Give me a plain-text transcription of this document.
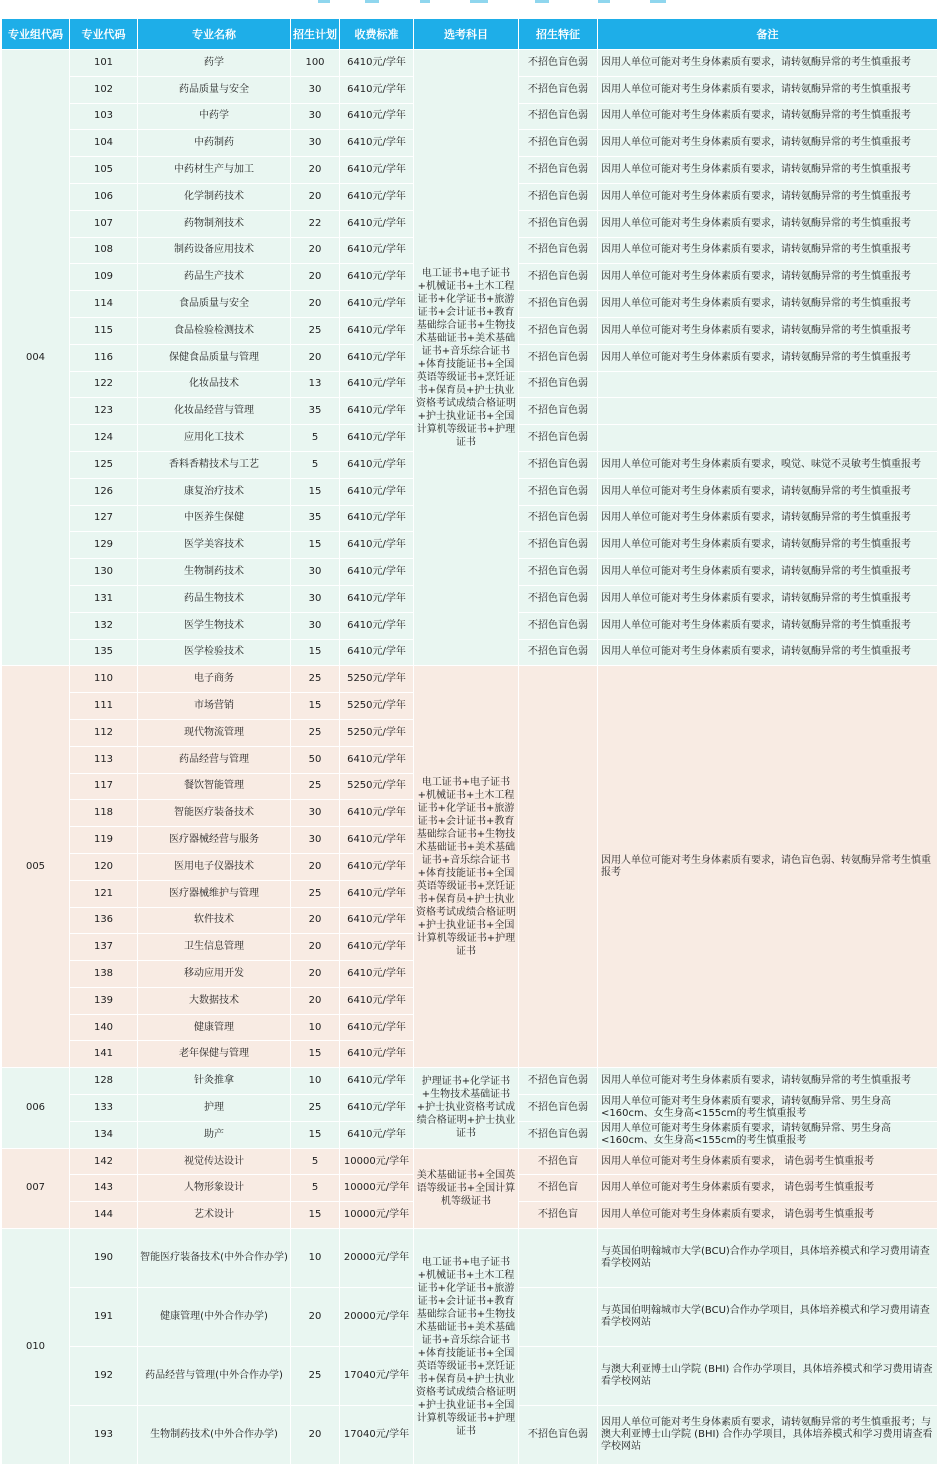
专业组代码	专业代码	专业名称	招生计划	收费标准	选考科目	招生特征	备注
004	101	药学	100	6410元/学年	电工证书+电子证书+机械证书+土木工程证书+化学证书+旅游证书+会计证书+教育基础综合证书+生物技术基础证书+美术基础证书+音乐综合证书+体育技能证书+全国英语等级证书+烹饪证书+保育员+护士执业资格考试成绩合格证明+护士执业证书+全国计算机等级证书+护理证书	不招色盲色弱	因用人单位可能对考生身体素质有要求，请转氨酶异常的考生慎重报考
	102	药品质量与安全	30	6410元/学年		不招色盲色弱	因用人单位可能对考生身体素质有要求，请转氨酶异常的考生慎重报考
	103	中药学	30	6410元/学年		不招色盲色弱	因用人单位可能对考生身体素质有要求，请转氨酶异常的考生慎重报考
	104	中药制药	30	6410元/学年		不招色盲色弱	因用人单位可能对考生身体素质有要求，请转氨酶异常的考生慎重报考
	105	中药材生产与加工	20	6410元/学年		不招色盲色弱	因用人单位可能对考生身体素质有要求，请转氨酶异常的考生慎重报考
	106	化学制药技术	20	6410元/学年		不招色盲色弱	因用人单位可能对考生身体素质有要求，请转氨酶异常的考生慎重报考
	107	药物制剂技术	22	6410元/学年		不招色盲色弱	因用人单位可能对考生身体素质有要求，请转氨酶异常的考生慎重报考
	108	制药设备应用技术	20	6410元/学年		不招色盲色弱	因用人单位可能对考生身体素质有要求，请转氨酶异常的考生慎重报考
	109	药品生产技术	20	6410元/学年		不招色盲色弱	因用人单位可能对考生身体素质有要求，请转氨酶异常的考生慎重报考
	114	食品质量与安全	20	6410元/学年		不招色盲色弱	因用人单位可能对考生身体素质有要求，请转氨酶异常的考生慎重报考
	115	食品检验检测技术	25	6410元/学年		不招色盲色弱	因用人单位可能对考生身体素质有要求，请转氨酶异常的考生慎重报考
	116	保健食品质量与管理	20	6410元/学年		不招色盲色弱	因用人单位可能对考生身体素质有要求，请转氨酶异常的考生慎重报考
	122	化妆品技术	13	6410元/学年		不招色盲色弱	
	123	化妆品经营与管理	35	6410元/学年		不招色盲色弱	
	124	应用化工技术	5	6410元/学年		不招色盲色弱	
	125	香料香精技术与工艺	5	6410元/学年		不招色盲色弱	因用人单位可能对考生身体素质有要求，嗅觉、味觉不灵敏考生慎重报考
	126	康复治疗技术	15	6410元/学年		不招色盲色弱	因用人单位可能对考生身体素质有要求，请转氨酶异常的考生慎重报考
	127	中医养生保健	35	6410元/学年		不招色盲色弱	因用人单位可能对考生身体素质有要求，请转氨酶异常的考生慎重报考
	129	医学美容技术	15	6410元/学年		不招色盲色弱	因用人单位可能对考生身体素质有要求，请转氨酶异常的考生慎重报考
	130	生物制药技术	30	6410元/学年		不招色盲色弱	因用人单位可能对考生身体素质有要求，请转氨酶异常的考生慎重报考
	131	药品生物技术	30	6410元/学年		不招色盲色弱	因用人单位可能对考生身体素质有要求，请转氨酶异常的考生慎重报考
	132	医学生物技术	30	6410元/学年		不招色盲色弱	因用人单位可能对考生身体素质有要求，请转氨酶异常的考生慎重报考
	135	医学检验技术	15	6410元/学年		不招色盲色弱	因用人单位可能对考生身体素质有要求，请转氨酶异常的考生慎重报考
005	110	电子商务	25	5250元/学年	电工证书+电子证书+机械证书+土木工程证书+化学证书+旅游证书+会计证书+教育基础综合证书+生物技术基础证书+美术基础证书+音乐综合证书+体育技能证书+全国英语等级证书+烹饪证书+保育员+护士执业资格考试成绩合格证明+护士执业证书+全国计算机等级证书+护理证书		因用人单位可能对考生身体素质有要求，请色盲色弱、转氨酶异常考生慎重报考
	111	市场营销	15	5250元/学年			
	112	现代物流管理	25	5250元/学年			
	113	药品经营与管理	50	6410元/学年			
	117	餐饮智能管理	25	5250元/学年			
	118	智能医疗装备技术	30	6410元/学年			
	119	医疗器械经营与服务	30	6410元/学年			
	120	医用电子仪器技术	20	6410元/学年			
	121	医疗器械维护与管理	25	6410元/学年			
	136	软件技术	20	6410元/学年			
	137	卫生信息管理	20	6410元/学年			
	138	移动应用开发	20	6410元/学年			
	139	大数据技术	20	6410元/学年			
	140	健康管理	10	6410元/学年			
	141	老年保健与管理	15	6410元/学年			
006	128	针灸推拿	10	6410元/学年	护理证书+化学证书+生物技术基础证书+护士执业资格考试成绩合格证明+护士执业证书	不招色盲色弱	因用人单位可能对考生身体素质有要求，请转氨酶异常的考生慎重报考
	133	护理	25	6410元/学年		不招色盲色弱	因用人单位可能对考生身体素质有要求，请转氨酶异常、男生身高<160cm、女生身高<155cm的考生慎重报考
	134	助产	15	6410元/学年		不招色盲色弱	因用人单位可能对考生身体素质有要求，请转氨酶异常、男生身高<160cm、女生身高<155cm的考生慎重报考
007	142	视觉传达设计	5	10000元/学年	美术基础证书+全国英语等级证书+全国计算机等级证书	不招色盲	因用人单位可能对考生身体素质有要求， 请色弱考生慎重报考
	143	人物形象设计	5	10000元/学年		不招色盲	因用人单位可能对考生身体素质有要求， 请色弱考生慎重报考
	144	艺术设计	15	10000元/学年		不招色盲	因用人单位可能对考生身体素质有要求， 请色弱考生慎重报考
010	190	智能医疗装备技术(中外合作办学)	10	20000元/学年	电工证书+电子证书+机械证书+土木工程证书+化学证书+旅游证书+会计证书+教育基础综合证书+生物技术基础证书+美术基础证书+音乐综合证书+体育技能证书+全国英语等级证书+烹饪证书+保育员+护士执业资格考试成绩合格证明+护士执业证书+全国计算机等级证书+护理证书		与英国伯明翰城市大学(BCU)合作办学项目，具体培养模式和学习费用请查看学校网站
	191	健康管理(中外合作办学)	20	20000元/学年			与英国伯明翰城市大学(BCU)合作办学项目，具体培养模式和学习费用请查看学校网站
	192	药品经营与管理(中外合作办学)	25	17040元/学年			与澳大利亚博士山学院 (BHI) 合作办学项目，具体培养模式和学习费用请查看学校网站
	193	生物制药技术(中外合作办学)	20	17040元/学年		不招色盲色弱	因用人单位可能对考生身体素质有要求，请转氨酶异常的考生慎重报考；与澳大利亚博士山学院 (BHI) 合作办学项目，具体培养模式和学习费用请查看学校网站
